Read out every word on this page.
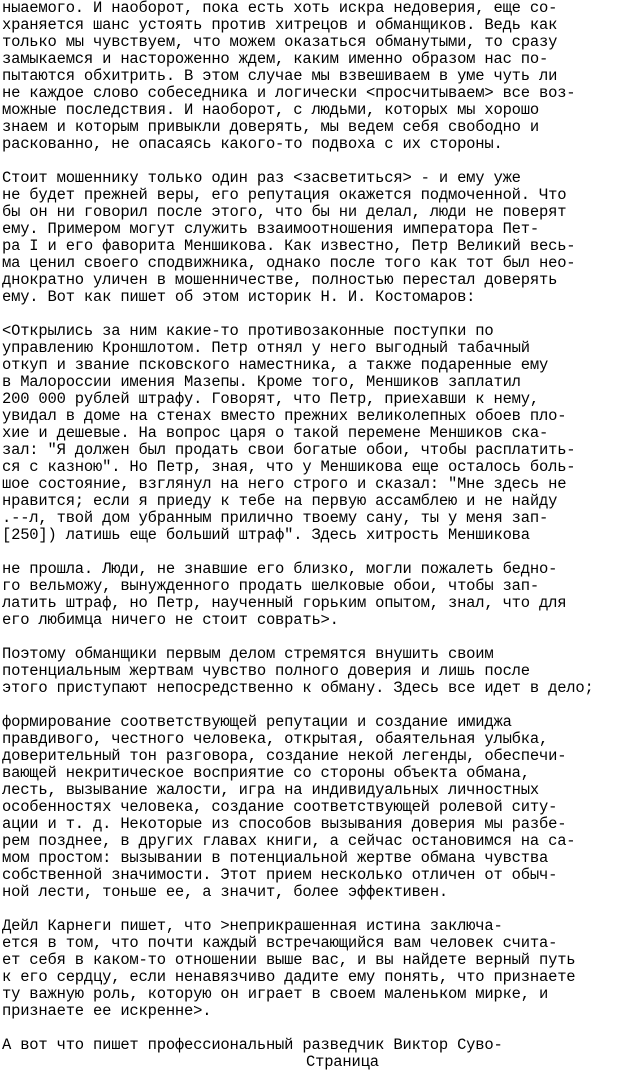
ныаемого. И наоборот, пока есть хоть искра недоверия, еще со-
храняется шанс устоять против хитрецов и обманщиков. Ведь как
только мы чувствуем, что можем оказаться обманутыми, то сразу
замыкаемся и настороженно ждем, каким именно образом нас по-
пытаются обхитрить. В этом случае мы взвешиваем в уме чуть ли
не каждое слово собеседника и логически <просчитываем> все воз-
можные последствия. И наоборот, с людьми, которых мы хорошо
знаем и которым привыкли доверять, мы ведем себя свободно и
раскованно, не опасаясь какого-то подвоха с их стороны.
Стоит мошеннику только один раз <засветиться> - и ему уже
не будет прежней веры, его репутация окажется подмоченной. Что
бы он ни говорил после этого, что бы ни делал, люди не поверят
ему. Примером могут служить взаимоотношения императора Пет-
ра I и его фаворита Меншикова. Как известно, Петр Великий весь-
ма ценил своего сподвижника, однако после того как тот был нео-
днократно уличен в мошенничестве, полностью перестал доверять
ему. Вот как пишет об этом историк Н. И. Костомаров:
<Открылись за ним какие-то противозаконные поступки по
управлению Кроншлотом. Петр отнял у него выгодный табачный
откуп и звание псковского наместника, а также подаренные ему
в Малороссии имения Мазепы. Кроме того, Меншиков заплатил
200 000 рублей штрафу. Говорят, что Петр, приехавши к нему,
увидал в доме на стенах вместо прежних великолепных обоев пло-
хие и дешевые. На вопрос царя о такой перемене Меншиков ска-
зал: "Я должен был продать свои богатые обои, чтобы расплатить-
ся с казною". Но Петр, зная, что у Меншикова еще осталось боль-
шое состояние, взглянул на него строго и сказал: "Мне здесь не
нравится; если я приеду к тебе на первую ассамблею и не найду
.--л, твой дом убранным прилично твоему сану, ты у меня зап-
[250]) латишь еще больший штраф". Здесь хитрость Меншикова
не прошла. Люди, не знавшие его близко, могли пожалеть бедно-
го вельможу, вынужденного продать шелковые обои, чтобы зап-
латить штраф, но Петр, наученный горьким опытом, знал, что для
его любимца ничего не стоит соврать>.
Поэтому обманщики первым делом стремятся внушить своим
потенциальным жертвам чувство полного доверия и лишь после
этого приступают непосредственно к обману. Здесь все идет в дело;
формирование соответствующей репутации и создание имиджа
правдивого, честного человека, открытая, обаятельная улыбка,
доверительный тон разговора, создание некой легенды, обеспечи-
вающей некритическое восприятие со стороны объекта обмана,
лесть, вызывание жалости, игра на индивидуальных личностных
особенностях человека, создание соответствующей ролевой ситу-
ации и т. д. Некоторые из способов вызывания доверия мы разбе-
рем позднее, в других главах книги, а сейчас остановимся на са-
мом простом: вызывании в потенциальной жертве обмана чувства
собственной значимости. Этот прием несколько отличен от обыч-
ной лести, тоньше ее, а значит, более эффективен.
Дейл Карнеги пишет, что >неприкрашенная истина заключа-
ется в том, что почти каждый встречающийся вам человек счита-
ет себя в каком-то отношении выше вас, и вы найдете верный путь
к его сердцу, если ненавязчиво дадите ему понять, что признаете
ту важную роль, которую он играет в своем маленьком мирке, и
признаете ее искренне>.
А вот что пишет профессиональный разведчик Виктор Суво-
Страница
